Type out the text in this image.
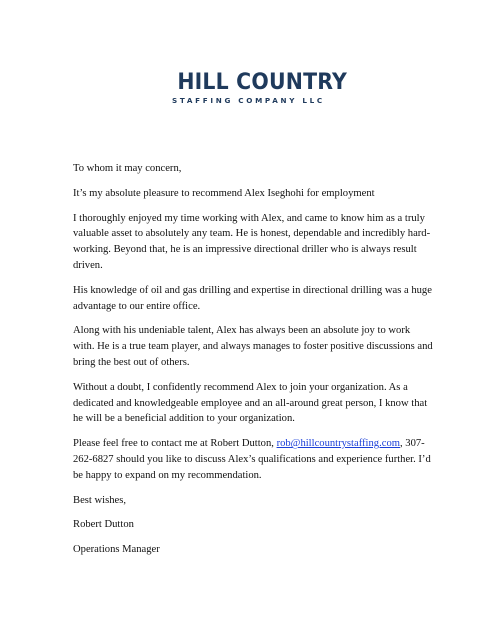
HILL COUNTRY
STAFFING COMPANY LLC

To whom it may concern,

It’s my absolute pleasure to recommend Alex Iseghohi for employment

I thoroughly enjoyed my time working with Alex, and came to know him as a truly valuable asset to absolutely any team. He is honest, dependable and incredibly hard-working. Beyond that, he is an impressive directional driller who is always result driven.

His knowledge of oil and gas drilling and expertise in directional drilling was a huge advantage to our entire office.

Along with his undeniable talent, Alex has always been an absolute joy to work with. He is a true team player, and always manages to foster positive discussions and bring the best out of others.

Without a doubt, I confidently recommend Alex to join your organization. As a dedicated and knowledgeable employee and an all-around great person, I know that he will be a beneficial addition to your organization.

Please feel free to contact me at Robert Dutton, rob@hillcountrystaffing.com, 307-262-6827 should you like to discuss Alex’s qualifications and experience further. I’d be happy to expand on my recommendation.

Best wishes,

Robert Dutton

Operations Manager
